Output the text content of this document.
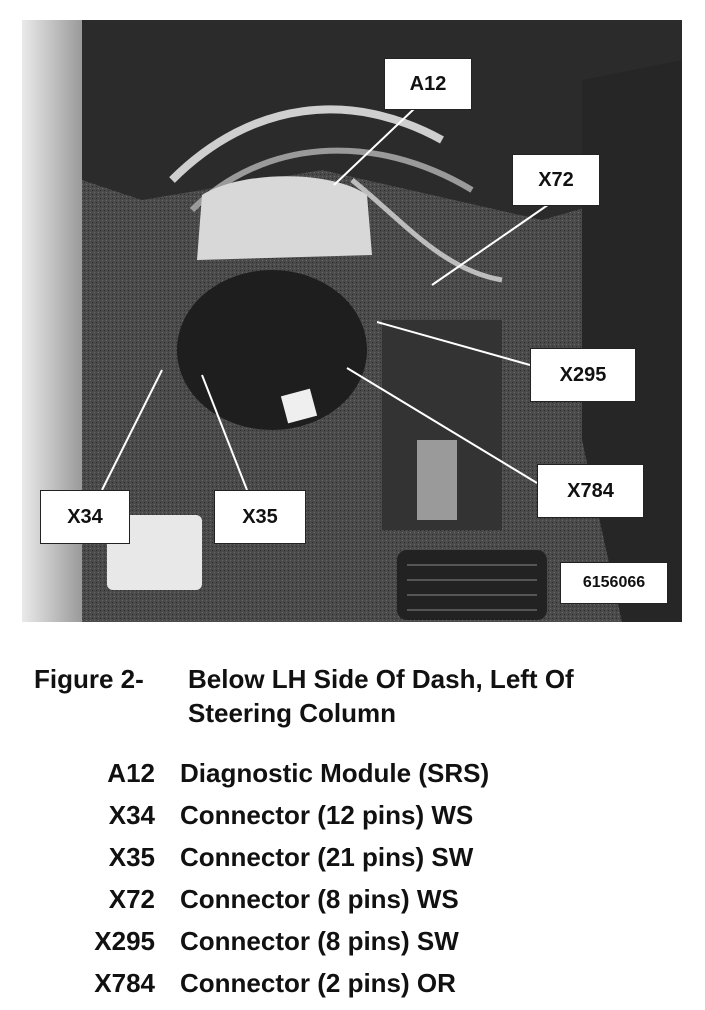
A12
X72
X295
X784
X34	X35
6156066
Figure 2- Below LH Side Of Dash, Left Of Steering Column
A12 Diagnostic Module (SRS)
X34 Connector (12 pins) WS
X35 Connector (21 pins) SW
X72 Connector (8 pins) WS
X295 Connector (8 pins) SW
X784 Connector (2 pins) OR
